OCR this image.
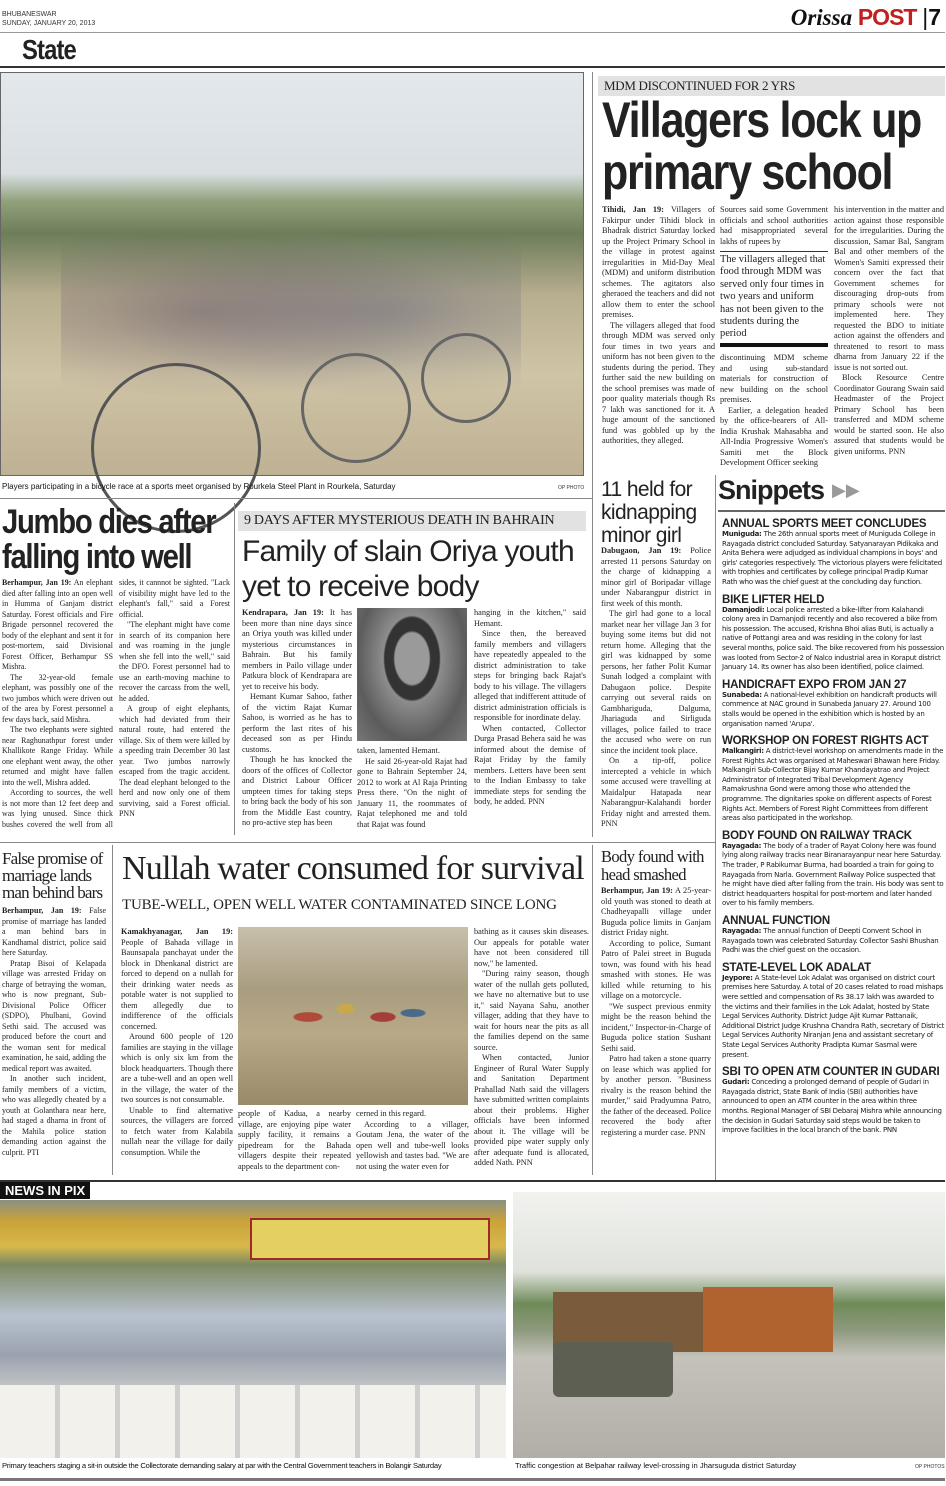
BHUBANESWAR
SUNDAY, JANUARY 20, 2013	Orissa POST |7
State
Players participating in a bicycle race at a sports meet organised by Rourkela Steel Plant in Rourkela, Saturday	OP PHOTO
MDM DISCONTINUED FOR 2 YRS
Villagers lock up primary school

Tihidi, Jan 19: Villagers of Fakirpur under Tihidi block in Bhadrak district Saturday locked up the Project Primary School in the village in protest against irregularities in Mid-Day Meal (MDM) and uniform distribution schemes. The agitators also gheraoed the teachers and did not allow them to enter the school premises.

The villagers alleged that food through MDM was served only four times in two years and uniform has not been given to the students during the period. They further said the new building on the school premises was made of poor quality materials though Rs 7 lakh was sanctioned for it. A huge amount of the sanctioned fund was gobbled up by the authorities, they alleged.

Sources said some Government officials and school authorities had misappropriated several lakhs of rupees by

The villagers alleged that food through MDM was served only four times in two years and uniform has not been given to the students during the period

discontinuing MDM scheme and using sub-standard materials for construction of new building on the school premises.

Earlier, a delegation headed by the office-bearers of All-India Krushak Mahasabha and All-India Progressive Women's Samiti met the Block Development Officer seeking

his intervention in the matter and action against those responsible for the irregularities. During the discussion, Samar Bal, Sangram Bal and other members of the Women's Samiti expressed their concern over the fact that Government schemes for discouraging drop-outs from primary schools were not implemented here. They requested the BDO to initiate action against the offenders and threatened to resort to mass dharna from January 22 if the issue is not sorted out.

Block Resource Centre Coordinator Gourang Swain said Headmaster of the Project Primary School has been transferred and MDM scheme would be started soon. He also assured that students would be given uniforms. PNN

Jumbo dies after falling into well

Berhampur, Jan 19: An elephant died after falling into an open well in Humma of Ganjam district Saturday. Forest officials and Fire Brigade personnel recovered the body of the elephant and sent it for post-mortem, said Divisional Forest Officer, Berhampur SS Mishra.

The 32-year-old female elephant, was possibly one of the two jumbos which were driven out of the area by Forest personnel a few days back, said Mishra.

The two elephants were sighted near Raghunathpur forest under Khallikote Range Friday. While one elephant went away, the other returned and might have fallen into the well, Mishra added.

According to sources, the well is not more than 12 feet deep and was lying unused. Since thick bushes covered the well from all sides, it cannnot be sighted. "Lack of visibility might have led to the elephant's fall," said a Forest official.

"The elephant might have come in search of its companion here and was roaming in the jungle when she fell into the well," said the DFO. Forest personnel had to use an earth-moving machine to recover the carcass from the well, he added.

A group of eight elephants, which had deviated from their natural route, had entered the village. Six of them were killed by a speeding train December 30 last year. Two jumbos narrowly escaped from the tragic accident. The dead elephant belonged to the herd and now only one of them surviving, said a Forest official. PNN

9 DAYS AFTER MYSTERIOUS DEATH IN BAHRAIN
Family of slain Oriya youth yet to receive body

Kendrapara, Jan 19: It has been more than nine days since an Oriya youth was killed under mysterious circumstances in Bahrain. But his family members in Pailo village under Patkura block of Kendrapara are yet to receive his body.

Hemant Kumar Sahoo, father of the victim Rajat Kumar Sahoo, is worried as he has to perform the last rites of his deceased son as per Hindu customs.

Though he has knocked the doors of the offices of Collector and District Labour Officer umpteen times for taking steps to bring back the body of his son from the Middle East country, no pro-active step has been

taken, lamented Hemant.

He said 26-year-old Rajat had gone to Bahrain September 24, 2012 to work at Al Raja Printing Press there. "On the night of January 11, the roommates of Rajat telephoned me and told that Rajat was found

hanging in the kitchen," said Hemant.

Since then, the bereaved family members and villagers have repeatedly appealed to the district administration to take steps for bringing back Rajat's body to his village. The villagers alleged that indifferent attitude of district administration officials is responsible for inordinate delay.

When contacted, Collector Durga Prasad Behera said he was informed about the demise of Rajat Friday by the family members. Letters have been sent to the Indian Embassy to take immediate steps for sending the body, he added. PNN

11 held for kidnapping minor girl

Dabugaon, Jan 19: Police arrested 11 persons Saturday on the charge of kidnapping a minor girl of Boripadar village under Nabarangpur district in first week of this month.

The girl had gone to a local market near her village Jan 3 for buying some items but did not return home. Alleging that the girl was kidnapped by some persons, her father Polit Kumar Sunah lodged a complaint with Dabugaon police. Despite carrying out several raids on Gambhariguda, Dalguma, Jhariaguda and Sirliguda villages, police failed to trace the accused who were on run since the incident took place.

On a tip-off, police intercepted a vehicle in which some accused were travelling at Maidalpur Hatapada near Nabarangpur-Kalahandi border Friday night and arrested them. PNN

Snippets ▶▶
ANNUAL SPORTS MEET CONCLUDES

Muniguda: The 26th annual sports meet of Muniguda College in Rayagada district concluded Saturday. Satyanarayan Pidikaka and Anita Behera were adjudged as individual champions in boys' and girls' categories respectively. The victorious players were felicitated with trophies and certificates by college principal Pradip Kumar Rath who was the chief guest at the concluding day function.

BIKE LIFTER HELD

Damanjodi: Local police arrested a bike-lifter from Kalahandi colony area in Damanjodi recently and also recovered a bike from his possession. The accused, Krishna Bhoi alias Buti, is actually a native of Pottangi area and was residing in the colony for last several months, police said. The bike recovered from his possession was looted from Sector-2 of Nalco industrial area in Koraput district January 14. Its owner has also been identified, police claimed.

HANDICRAFT EXPO FROM JAN 27

Sunabeda: A national-level exhibition on handicraft products will commence at NAC ground in Sunabeda January 27. Around 100 stalls would be opened in the exhibition which is hosted by an organisation named 'Arupa'.

WORKSHOP ON FOREST RIGHTS ACT

Malkangiri: A district-level workshop on amendments made in the Forest Rights Act was organised at Maheswari Bhawan here Friday. Malkangiri Sub-Collector Bijay Kumar Khandayatrao and Project Administrator of Integrated Tribal Development Agency Ramakrushna Gond were among those who attended the programme. The dignitaries spoke on different aspects of Forest Rights Act. Members of Forest Right Committees from different areas also participated in the workshop.

BODY FOUND ON RAILWAY TRACK

Rayagada: The body of a trader of Rayat Colony here was found lying along railway tracks near Biranarayanpur near here Saturday. The trader, P Rabikumar Burma, had boarded a train for going to Rayagada from Narla. Government Railway Police suspected that he might have died after falling from the train. His body was sent to district headquarters hospital for post-mortem and later handed over to his family members.

ANNUAL FUNCTION

Rayagada: The annual function of Deepti Convent School in Rayagada town was celebrated Saturday. Collector Sashi Bhushan Padhi was the chief guest on the occasion.

STATE-LEVEL LOK ADALAT

Jeypore: A State-level Lok Adalat was organised on district court premises here Saturday. A total of 20 cases related to road mishaps were settled and compensation of Rs 38.17 lakh was awarded to the victims and their families in the Lok Adalat, hosted by State Legal Services Authority. District Judge Ajit Kumar Pattanaik, Additional District Judge Krushna Chandra Rath, secretary of District Legal Services Authority Niranjan Jena and assistant secretary of State Legal Services Authority Pradipta Kumar Sasmal were present.

SBI TO OPEN ATM COUNTER IN GUDARI

Gudari: Conceding a prolonged demand of people of Gudari in Rayagada district, State Bank of India (SBI) authorities have announced to open an ATM counter in the area within three months. Regional Manager of SBI Debaraj Mishra while announcing the decision in Gudari Saturday said steps would be taken to improve facilities in the local branch of the bank. PNN

False promise of marriage lands man behind bars

Berhampur, Jan 19: False promise of marriage has landed a man behind bars in Kandhamal district, police said here Saturday.

Pratap Bisoi of Kelapada village was arrested Friday on charge of betraying the woman, who is now pregnant, Sub-Divisional Police Officer (SDPO), Phulbani, Govind Sethi said. The accused was produced before the court and the woman sent for medical examination, he said, adding the medical report was awaited.

In another such incident, family members of a victim, who was allegedly cheated by a youth at Golanthara near here, had staged a dharna in front of the Mahila police station demanding action against the culprit. PTI

Nullah water consumed for survival
TUBE-WELL, OPEN WELL WATER CONTAMINATED SINCE LONG

Kamakhyanagar, Jan 19: People of Bahada village in Baunsapala panchayat under the block in Dhenkanal district are forced to depend on a nullah for their drinking water needs as potable water is not supplied to them allegedly due to indifference of the officials concerned.

Around 600 people of 120 families are staying in the village which is only six km from the block headquarters. Though there are a tube-well and an open well in the village, the water of the two sources is not consumable.

Unable to find alternative sources, the villagers are forced to fetch water from Kalabila nullah near the village for daily consumption. While the

people of Kadua, a nearby village, are enjoying pipe water supply facility, it remains a pipedream for the Bahada villagers despite their repeated appeals to the department con-

cerned in this regard.

According to a villager, Goutam Jena, the water of the open well and tube-well looks yellowish and tastes bad. "We are not using the water even for

bathing as it causes skin diseases. Our appeals for potable water have not been considered till now," he lamented.

"During rainy season, though water of the nullah gets polluted, we have no alternative but to use it," said Nayana Sahu, another villager, adding that they have to wait for hours near the pits as all the families depend on the same source.

When contacted, Junior Engineer of Rural Water Supply and Sanitation Department Prahallad Nath said the villagers have submitted written complaints about their problems. Higher officials have been informed about it. The village will be provided pipe water supply only after adequate fund is allocated, added Nath. PNN

Body found with head smashed

Berhampur, Jan 19: A 25-year-old youth was stoned to death at Chadheyapalli village under Buguda police limits in Ganjam district Friday night.

According to police, Sumant Patro of Palei street in Buguda town, was found with his head smashed with stones. He was killed while returning to his village on a motorcycle.

"We suspect previous enmity might be the reason behind the incident," Inspector-in-Charge of Buguda police station Sushant Sethi said.

Patro had taken a stone quarry on lease which was applied for by another person. "Business rivalry is the reason behind the murder," said Pradyumna Patro, the father of the deceased. Police recovered the body after registering a murder case. PNN

NEWS IN PIX
Primary teachers staging a sit-in outside the Collectorate demanding salary at par with the Central Government teachers in Bolangir Saturday	Traffic congestion at Belpahar railway level-crossing in Jharsuguda district Saturday	OP PHOTOS
